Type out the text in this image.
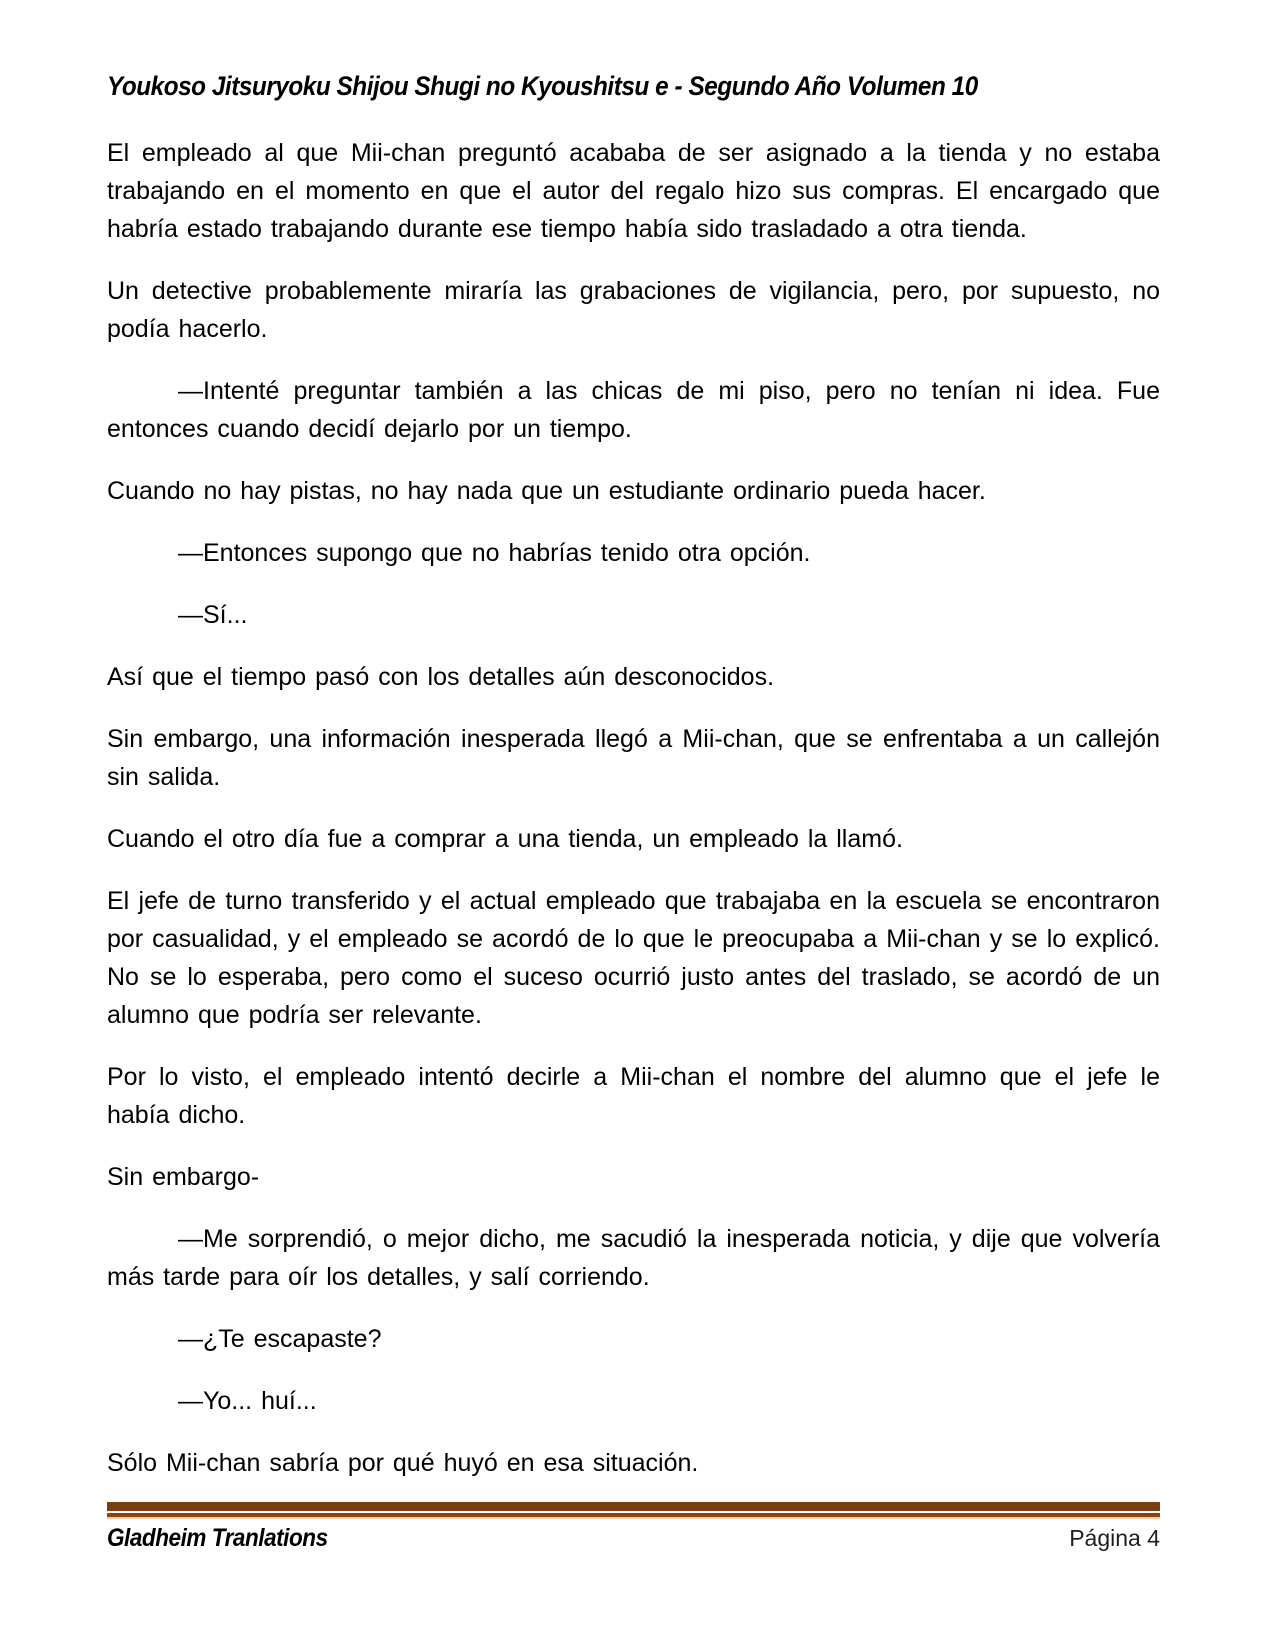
Youkoso Jitsuryoku Shijou Shugi no Kyoushitsu e - Segundo Año Volumen 10

El empleado al que Mii-chan preguntó acababa de ser asignado a la tienda y no estaba trabajando en el momento en que el autor del regalo hizo sus compras. El encargado que habría estado trabajando durante ese tiempo había sido trasladado a otra tienda.

Un detective probablemente miraría las grabaciones de vigilancia, pero, por supuesto, no podía hacerlo.

—Intenté preguntar también a las chicas de mi piso, pero no tenían ni idea. Fue entonces cuando decidí dejarlo por un tiempo.

Cuando no hay pistas, no hay nada que un estudiante ordinario pueda hacer.

—Entonces supongo que no habrías tenido otra opción.

—Sí...

Así que el tiempo pasó con los detalles aún desconocidos.

Sin embargo, una información inesperada llegó a Mii-chan, que se enfrentaba a un callejón sin salida.

Cuando el otro día fue a comprar a una tienda, un empleado la llamó.

El jefe de turno transferido y el actual empleado que trabajaba en la escuela se encontraron por casualidad, y el empleado se acordó de lo que le preocupaba a Mii-chan y se lo explicó. No se lo esperaba, pero como el suceso ocurrió justo antes del traslado, se acordó de un alumno que podría ser relevante.

Por lo visto, el empleado intentó decirle a Mii-chan el nombre del alumno que el jefe le había dicho.

Sin embargo-

—Me sorprendió, o mejor dicho, me sacudió la inesperada noticia, y dije que volvería más tarde para oír los detalles, y salí corriendo.

—¿Te escapaste?

—Yo... huí...

Sólo Mii-chan sabría por qué huyó en esa situación.

Gladheim Tranlations	Página 4
